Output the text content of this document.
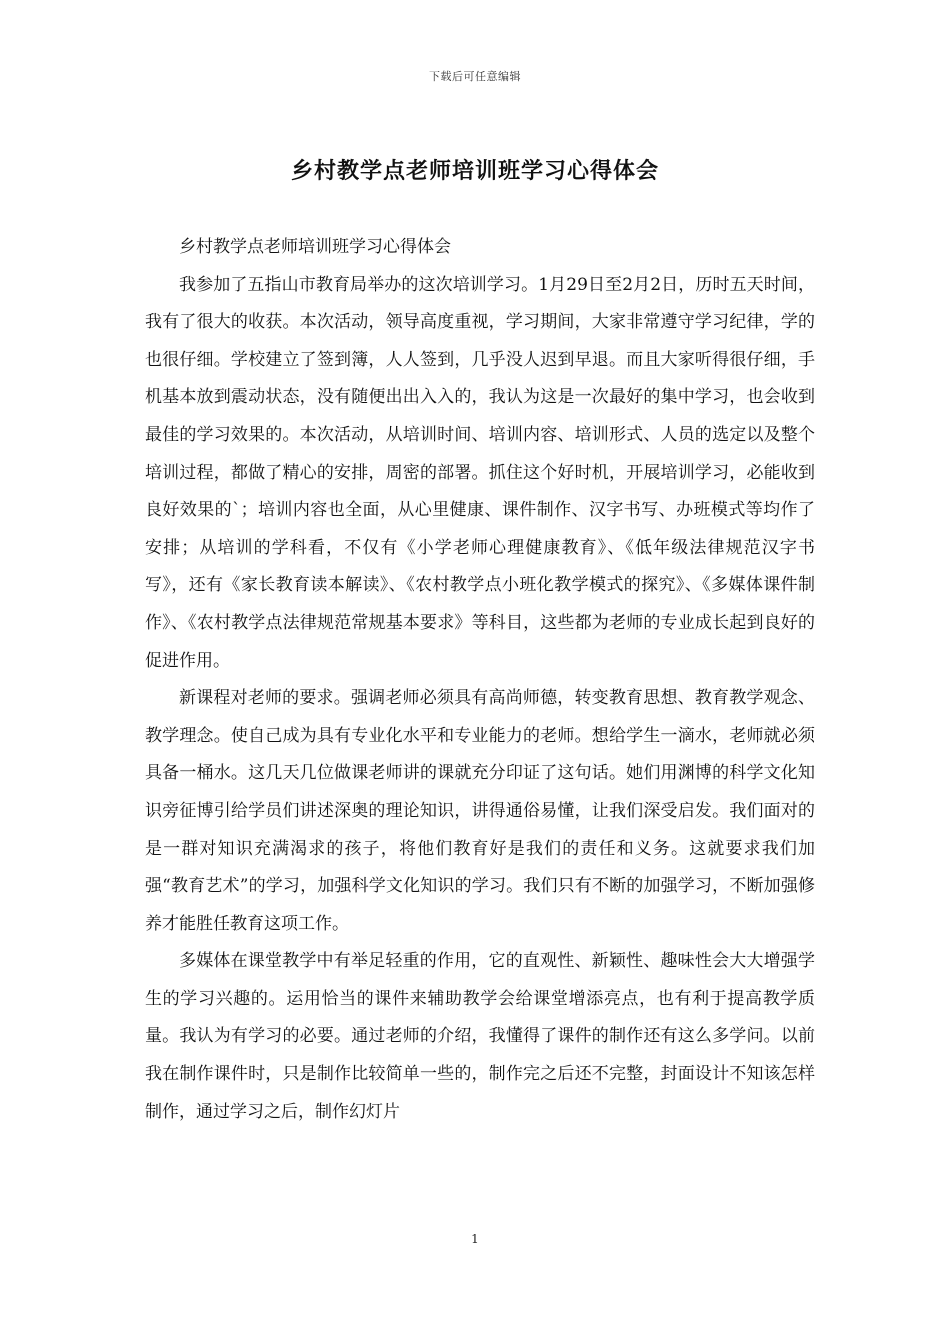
下载后可任意编辑
乡村教学点老师培训班学习心得体会

乡村教学点老师培训班学习心得体会

我参加了五指山市教育局举办的这次培训学习。1月29日至2月2日，历时五天时间，我有了很大的收获。本次活动，领导高度重视，学习期间，大家非常遵守学习纪律，学的也很仔细。学校建立了签到簿，人人签到，几乎没人迟到早退。而且大家听得很仔细，手机基本放到震动状态，没有随便出出入入的，我认为这是一次最好的集中学习，也会收到最佳的学习效果的。本次活动，从培训时间、培训内容、培训形式、人员的选定以及整个培训过程，都做了精心的安排，周密的部署。抓住这个好时机，开展培训学习，必能收到良好效果的`；培训内容也全面，从心里健康、课件制作、汉字书写、办班模式等均作了安排；从培训的学科看，不仅有《小学老师心理健康教育》、《低年级法律规范汉字书写》，还有《家长教育读本解读》、《农村教学点小班化教学模式的探究》、《多媒体课件制作》、《农村教学点法律规范常规基本要求》等科目，这些都为老师的专业成长起到良好的促进作用。

新课程对老师的要求。强调老师必须具有高尚师德，转变教育思想、教育教学观念、教学理念。使自己成为具有专业化水平和专业能力的老师。想给学生一滴水，老师就必须具备一桶水。这几天几位做课老师讲的课就充分印证了这句话。她们用渊博的科学文化知识旁征博引给学员们讲述深奥的理论知识，讲得通俗易懂，让我们深受启发。我们面对的是一群对知识充满渴求的孩子，将他们教育好是我们的责任和义务。这就要求我们加强“教育艺术”的学习，加强科学文化知识的学习。我们只有不断的加强学习，不断加强修养才能胜任教育这项工作。

多媒体在课堂教学中有举足轻重的作用，它的直观性、新颖性、趣味性会大大增强学生的学习兴趣的。运用恰当的课件来辅助教学会给课堂增添亮点，也有利于提高教学质量。我认为有学习的必要。通过老师的介绍，我懂得了课件的制作还有这么多学问。以前我在制作课件时，只是制作比较简单一些的，制作完之后还不完整，封面设计不知该怎样制作，通过学习之后，制作幻灯片

1
